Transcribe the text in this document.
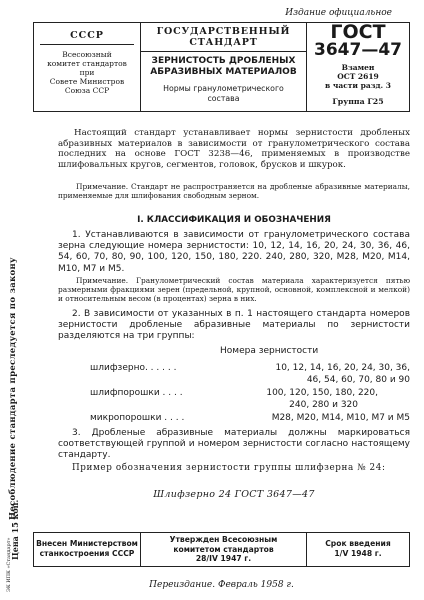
Издание официальное
Несоблюдение стандарта преследуется по закону
Цена 15 коп.
ЭК ИПК «Стандарт»
СССР
Всесоюзный
комитет стандартов
при
Совете Министров
Союза ССР
ГОСУДАРСТВЕННЫЙ
СТАНДАРТ
ЗЕРНИСТОСТЬ ДРОБЛЕНЫХ
АБРАЗИВНЫХ МАТЕРИАЛОВ
Нормы гранулометрического
состава
ГОСТ
3647—47
Взамен
ОСТ 2619
в части разд. 3
Группа Г25
Настоящий стандарт устанавливает нормы зернистости дробленых абразивных материалов в зависимости от гранулометрического состава последних на основе ГОСТ 3238—46, применяемых в производстве шлифовальных кругов, сегментов, головок, брусков и шкурок.
Примечание. Стандарт не распространяется на дробленые абразивные материалы, применяемые для шлифования свободным зерном.
I. КЛАССИФИКАЦИЯ И ОБОЗНАЧЕНИЯ
1. Устанавливаются в зависимости от гранулометрического состава зерна следующие номера зернистости: 10, 12, 14, 16, 20, 24, 30, 36, 46, 54, 60, 70, 80, 90, 100, 120, 150, 180, 220. 240, 280, 320, M28, M20, M14, M10, M7 и M5.
Примечание. Гранулометрический состав материала характеризуется пятью размерными фракциями зерен (предельной, крупной, основной, комплексной и мелкой) и относительным весом (в процентах) зерна в них.
2. В зависимости от указанных в п. 1 настоящего стандарта номеров зернистости дробленые абразивные материалы по зернистости разделяются на три группы:
Номера зернистости
шлифзерно. . . . . .	10, 12, 14, 16, 20, 24, 30, 36,
46, 54, 60, 70, 80 и 90
шлифпорошки . . . .	100, 120, 150, 180, 220,
240, 280 и 320
микропорошки . . . .	M28, M20, M14, M10, M7 и M5
3. Дробленые абразивные материалы должны маркироваться соответствующей группой и номером зернистости согласно настоящему стандарту.
Пример обозначения зернистости группы шлифзерна № 24:
Шлифзерно 24 ГОСТ 3647—47
Внесен Министерством
станкостроения СССР
Утвержден Всесоюзным
комитетом стандартов
28/IV 1947 г.
Срок введения
1/V 1948 г.
Переиздание. Февраль 1958 г.
